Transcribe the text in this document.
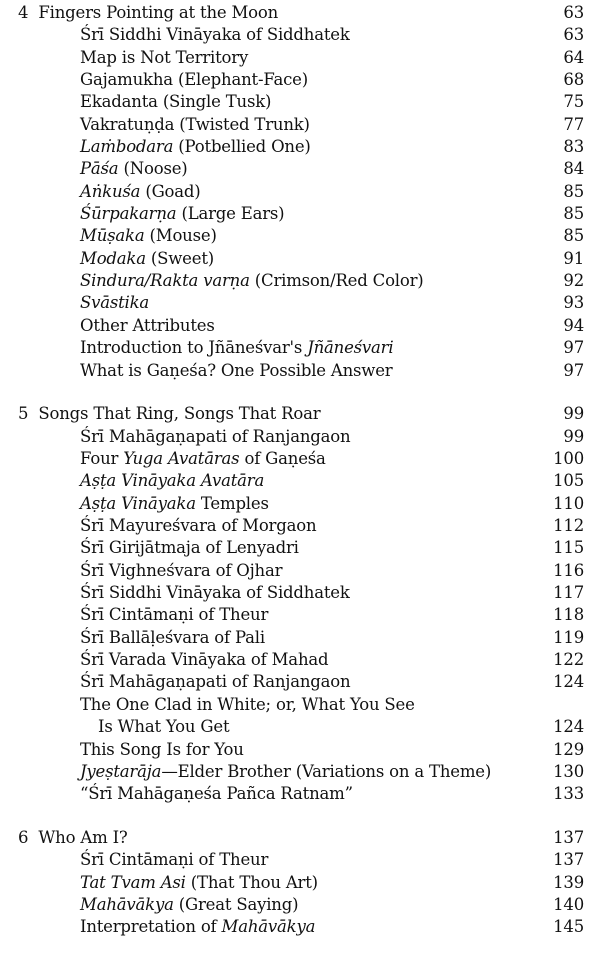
4 Fingers Pointing at the Moon	63
Śrī Siddhi Vināyaka of Siddhatek	63
Map is Not Territory	64
Gajamukha (Elephant-Face)	68
Ekadanta (Single Tusk)	75
Vakratuṇḍa (Twisted Trunk)	77
Laṁbodara (Potbellied One)	83
Pāśa (Noose)	84
Aṅkuśa (Goad)	85
Śūrpakarṇa (Large Ears)	85
Mūṣaka (Mouse)	85
Modaka (Sweet)	91
Sindura/Rakta varṇa (Crimson/Red Color)	92
Svāstika	93
Other Attributes	94
Introduction to Jñāneśvar's Jñāneśvari	97
What is Gaṇeśa? One Possible Answer	97
5 Songs That Ring, Songs That Roar	99
Śrī Mahāgaṇapati of Ranjangaon	99
Four Yuga Avatāras of Gaṇeśa	100
Aṣṭa Vināyaka Avatāra	105
Aṣṭa Vināyaka Temples	110
Śrī Mayureśvara of Morgaon	112
Śrī Girijātmaja of Lenyadri	115
Śrī Vighneśvara of Ojhar	116
Śrī Siddhi Vināyaka of Siddhatek	117
Śrī Cintāmaṇi of Theur	118
Śrī Ballāḷeśvara of Pali	119
Śrī Varada Vināyaka of Mahad	122
Śrī Mahāgaṇapati of Ranjangaon	124
The One Clad in White; or, What You See
Is What You Get	124
This Song Is for You	129
Jyeṣtarāja—Elder Brother (Variations on a Theme)	130
“Śrī Mahāgaṇeśa Pañca Ratnam”	133
6 Who Am I?	137
Śrī Cintāmaṇi of Theur	137
Tat Tvam Asi (That Thou Art)	139
Mahāvākya (Great Saying)	140
Interpretation of Mahāvākya	145
